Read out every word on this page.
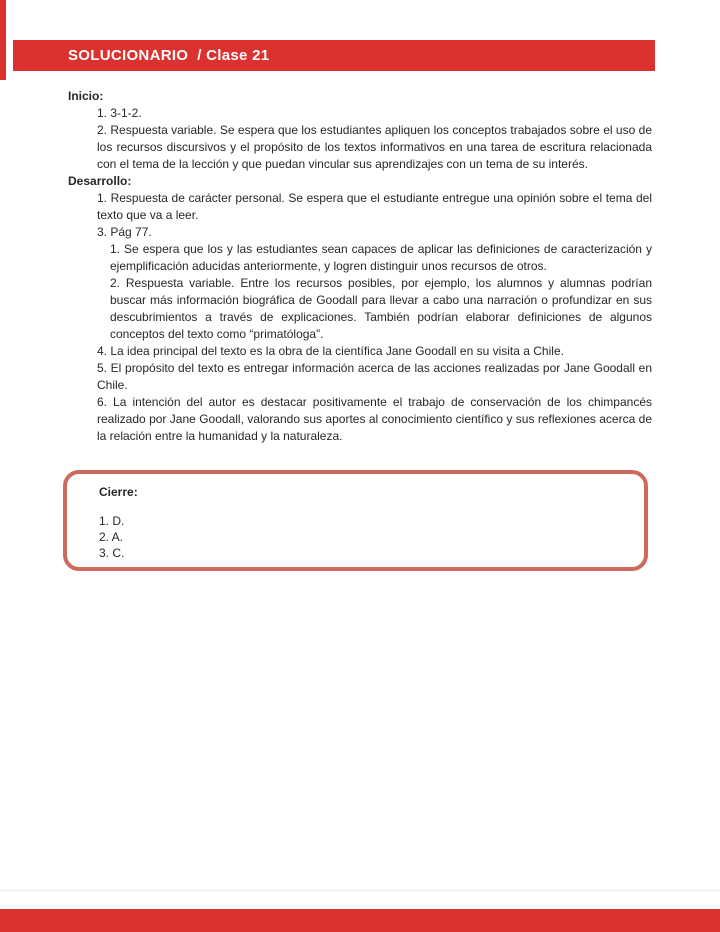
SOLUCIONARIO  / Clase 21

Inicio:

1. 3-1-2.

2. Respuesta variable. Se espera que los estudiantes apliquen los conceptos trabajados sobre el uso de los recursos discursivos y el propósito de los textos informativos en una tarea de escritura relacionada con el tema de la lección y que puedan vincular sus aprendizajes con un tema de su interés.

Desarrollo:

1. Respuesta de carácter personal. Se espera que el estudiante entregue una opinión sobre el tema del texto que va a leer.

3. Pág 77.

1. Se espera que los y las estudiantes sean capaces de aplicar las definiciones de caracterización y ejemplificación aducidas anteriormente, y logren distinguir unos recursos de otros.

2. Respuesta variable. Entre los recursos posibles, por ejemplo, los alumnos y alumnas podrían buscar más información biográfica de Goodall para llevar a cabo una narración o profundizar en sus descubrimientos a través de explicaciones. También podrían elaborar definiciones de algunos conceptos del texto como “primatóloga”.

4. La idea principal del texto es la obra de la científica Jane Goodall en su visita a Chile.

5. El propósito del texto es entregar información acerca de las acciones realizadas por Jane Goodall en Chile.

6. La intención del autor es destacar positivamente el trabajo de conservación de los chimpancés realizado por Jane Goodall, valorando sus aportes al conocimiento científico y sus reflexiones acerca de la relación entre la humanidad y la naturaleza.

Cierre:

1. D.

2. A.

3. C.
